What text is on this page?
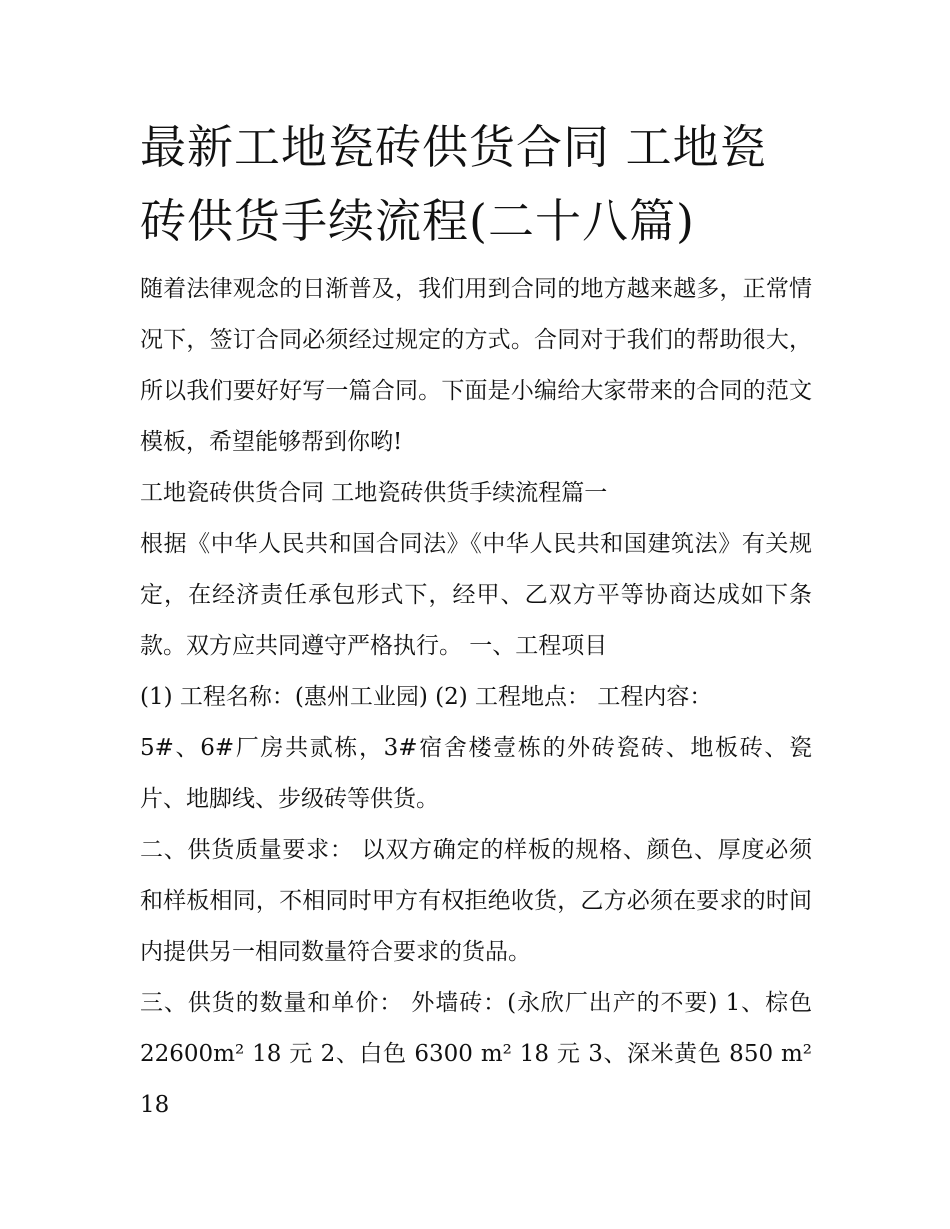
最新工地瓷砖供货合同 工地瓷砖供货手续流程(二十八篇)

随着法律观念的日渐普及，我们用到合同的地方越来越多，正常情况下，签订合同必须经过规定的方式。合同对于我们的帮助很大，所以我们要好好写一篇合同。下面是小编给大家带来的合同的范文模板，希望能够帮到你哟!

工地瓷砖供货合同 工地瓷砖供货手续流程篇一

根据《中华人民共和国合同法》《中华人民共和国建筑法》有关规定，在经济责任承包形式下，经甲、乙双方平等协商达成如下条款。双方应共同遵守严格执行。 一、工程项目

(1) 工程名称：(惠州工业园) (2) 工程地点： 工程内容：

5#、6#厂房共贰栋，3#宿舍楼壹栋的外砖瓷砖、地板砖、瓷片、地脚线、步级砖等供货。

二、供货质量要求： 以双方确定的样板的规格、颜色、厚度必须和样板相同，不相同时甲方有权拒绝收货，乙方必须在要求的时间内提供另一相同数量符合要求的货品。

三、供货的数量和单价： 外墙砖：(永欣厂出产的不要) 1、棕色 22600m² 18 元 2、白色 6300 m² 18 元 3、深米黄色 850 m² 18
